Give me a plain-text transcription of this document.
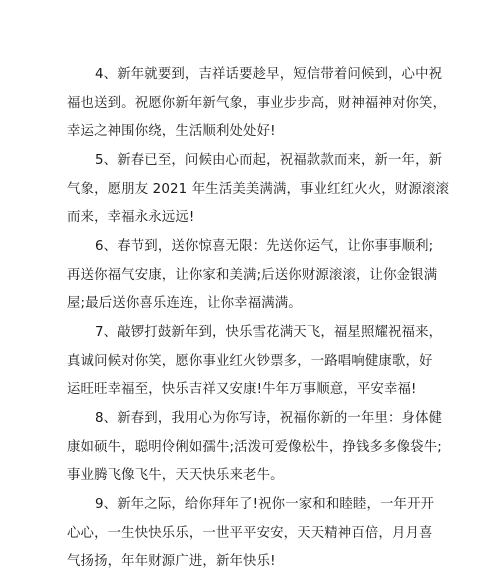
4、新年就要到，吉祥话要趁早，短信带着问候到，心中祝
福也送到。祝愿你新年新气象，事业步步高，财神福神对你笑，
幸运之神围你绕，生活顺利处处好!
5、新春已至，问候由心而起，祝福款款而来，新一年，新
气象，愿朋友 2021 年生活美美满满，事业红红火火，财源滚滚
而来，幸福永永远远!
6、春节到，送你惊喜无限：先送你运气，让你事事顺利;
再送你福气安康，让你家和美满;后送你财源滚滚，让你金银满
屋;最后送你喜乐连连，让你幸福满满。
7、敲锣打鼓新年到，快乐雪花满天飞，福星照耀祝福来，
真诚问候对你笑，愿你事业红火钞票多，一路唱响健康歌，好
运旺旺幸福至，快乐吉祥又安康!牛年万事顺意，平安幸福!
8、新春到，我用心为你写诗，祝福你新的一年里：身体健
康如硕牛，聪明伶俐如孺牛;活泼可爱像松牛，挣钱多多像袋牛;
事业腾飞像飞牛，天天快乐来老牛。
9、新年之际，给你拜年了!祝你一家和和睦睦，一年开开
心心，一生快快乐乐，一世平平安安，天天精神百倍，月月喜
气扬扬，年年财源广进，新年快乐!
